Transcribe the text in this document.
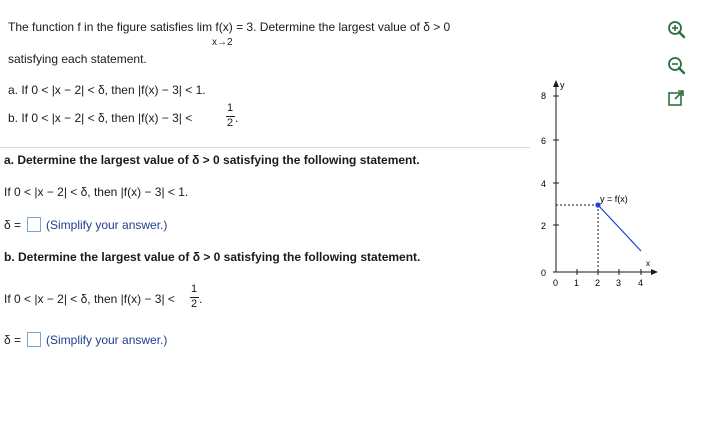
The function f in the figure satisfies lim f(x) = 3. Determine the largest value of δ > 0
x→2
satisfying each statement.
a. If 0 < |x − 2| < δ, then |f(x) − 3| < 1.
b. If 0 < |x − 2| < δ, then |f(x) − 3| <
1
2 .
a. Determine the largest value of δ > 0 satisfying the following statement.
If 0 < |x − 2| < δ, then |f(x) − 3| < 1.
δ = (Simplify your answer.)
b. Determine the largest value of δ > 0 satisfying the following statement.
If 0 < |x − 2| < δ, then |f(x) − 3| <
1
2 .
δ = (Simplify your answer.)
0
2
4
6
8
0 1 2 3 4
y
x
y = f(x)
